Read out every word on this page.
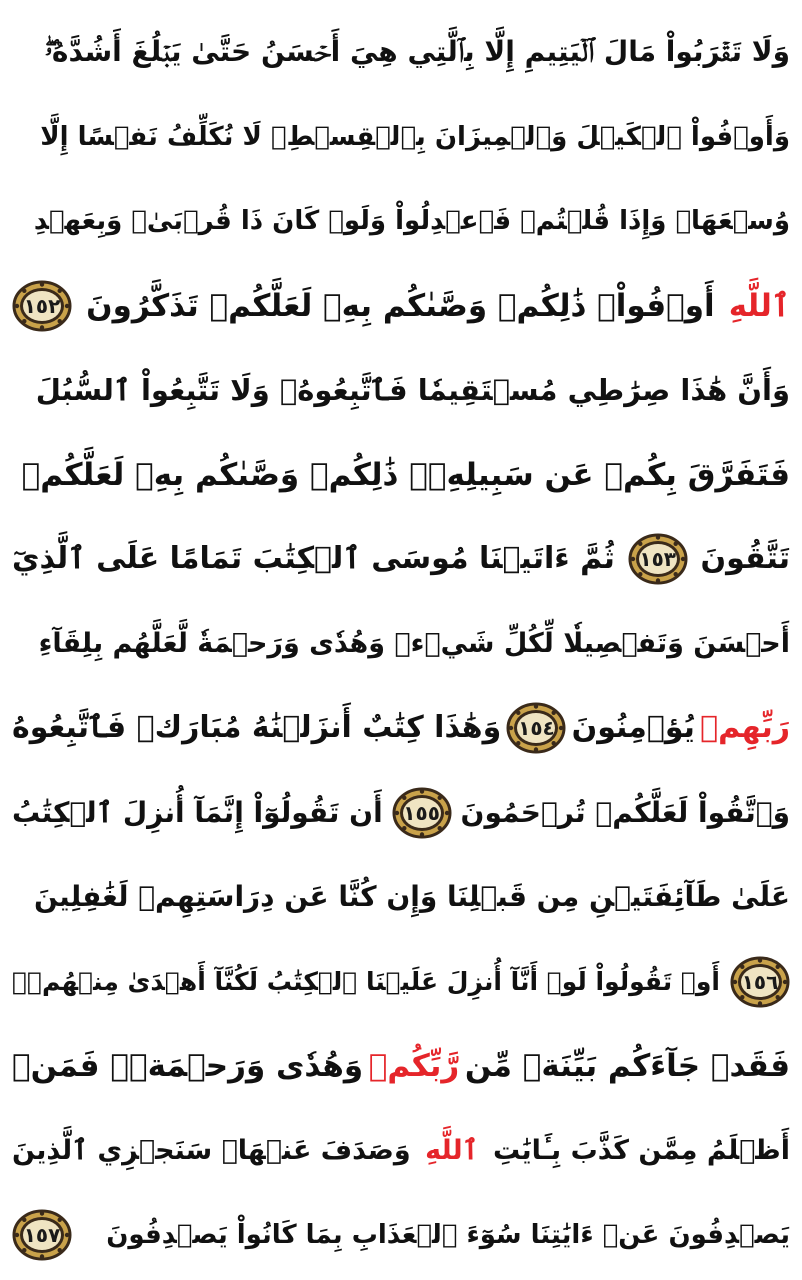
وَلَا تَقۡرَبُواْ مَالَ ٱلۡيَتِيمِ إِلَّا بِٱلَّتِي هِيَ أَحۡسَنُ حَتَّىٰ يَبۡلُغَ أَشُدَّهُۥۖ
وَأَوۡفُواْ ٱلۡكَيۡلَ وَٱلۡمِيزَانَ بِٱلۡقِسۡطِۖ لَا نُكَلِّفُ نَفۡسًا إِلَّا
وُسۡعَهَاۖ وَإِذَا قُلۡتُمۡ فَٱعۡدِلُواْ وَلَوۡ كَانَ ذَا قُرۡبَىٰۖ وَبِعَهۡدِ
ٱللَّهِ
أَوۡفُواْۚ ذَٰلِكُمۡ وَصَّىٰكُم بِهِۦ لَعَلَّكُمۡ تَذَكَّرُونَ
١٥٢
وَأَنَّ هَٰذَا صِرَٰطِي مُسۡتَقِيمٗا فَٱتَّبِعُوهُۖ وَلَا تَتَّبِعُواْ ٱلسُّبُلَ
فَتَفَرَّقَ بِكُمۡ عَن سَبِيلِهِۦۚ ذَٰلِكُمۡ وَصَّىٰكُم بِهِۦ لَعَلَّكُمۡ
تَتَّقُونَ
١٥٣
ثُمَّ ءَاتَيۡنَا مُوسَى ٱلۡكِتَٰبَ تَمَامًا عَلَى ٱلَّذِيٓ
أَحۡسَنَ وَتَفۡصِيلٗا لِّكُلِّ شَيۡءٖ وَهُدٗى وَرَحۡمَةٗ لَّعَلَّهُم بِلِقَآءِ
رَبِّهِمۡ
يُؤۡمِنُونَ
١٥٤
وَهَٰذَا كِتَٰبٌ أَنزَلۡنَٰهُ مُبَارَكٞ فَٱتَّبِعُوهُ
وَٱتَّقُواْ لَعَلَّكُمۡ تُرۡحَمُونَ
١٥٥
أَن تَقُولُوٓاْ إِنَّمَآ أُنزِلَ ٱلۡكِتَٰبُ
عَلَىٰ طَآئِفَتَيۡنِ مِن قَبۡلِنَا وَإِن كُنَّا عَن دِرَاسَتِهِمۡ لَغَٰفِلِينَ
١٥٦
أَوۡ تَقُولُواْ لَوۡ أَنَّآ أُنزِلَ عَلَيۡنَا ٱلۡكِتَٰبُ لَكُنَّآ أَهۡدَىٰ مِنۡهُمۡۚ
فَقَدۡ جَآءَكُم بَيِّنَةٞ مِّن
رَّبِّكُمۡ
وَهُدٗى وَرَحۡمَةٞۚ فَمَنۡ
أَظۡلَمُ مِمَّن كَذَّبَ بِـَٔايَٰتِ
ٱللَّهِ
وَصَدَفَ عَنۡهَاۗ سَنَجۡزِي ٱلَّذِينَ
يَصۡدِفُونَ عَنۡ ءَايَٰتِنَا سُوٓءَ ٱلۡعَذَابِ بِمَا كَانُواْ يَصۡدِفُونَ
١٥٧
